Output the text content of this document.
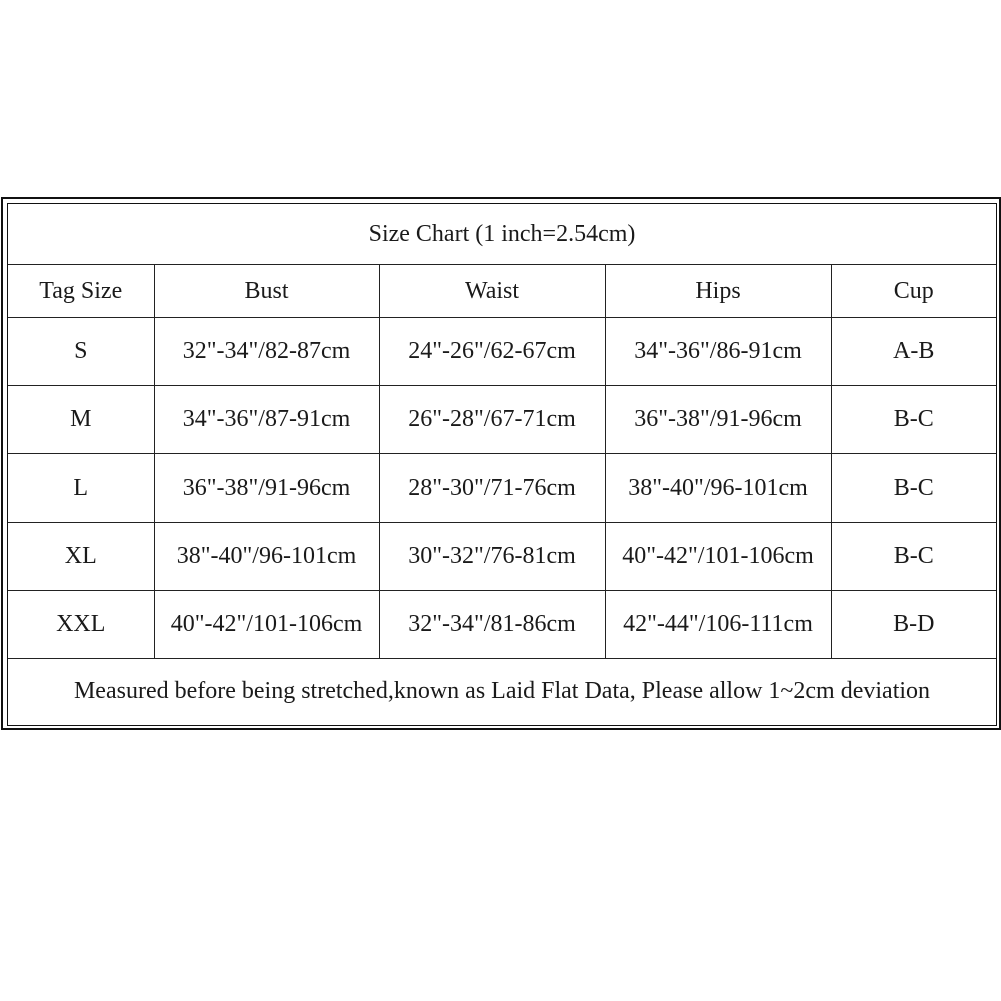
Size Chart (1 inch=2.54cm)				
Tag Size	Bust	Waist	Hips	Cup
S	32"-34"/82-87cm	24"-26"/62-67cm	34"-36"/86-91cm	A-B
M	34"-36"/87-91cm	26"-28"/67-71cm	36"-38"/91-96cm	B-C
L	36"-38"/91-96cm	28"-30"/71-76cm	38"-40"/96-101cm	B-C
XL	38"-40"/96-101cm	30"-32"/76-81cm	40"-42"/101-106cm	B-C
XXL	40"-42"/101-106cm	32"-34"/81-86cm	42"-44"/106-111cm	B-D
Measured before being stretched,known as Laid Flat Data, Please allow 1~2cm deviation				
